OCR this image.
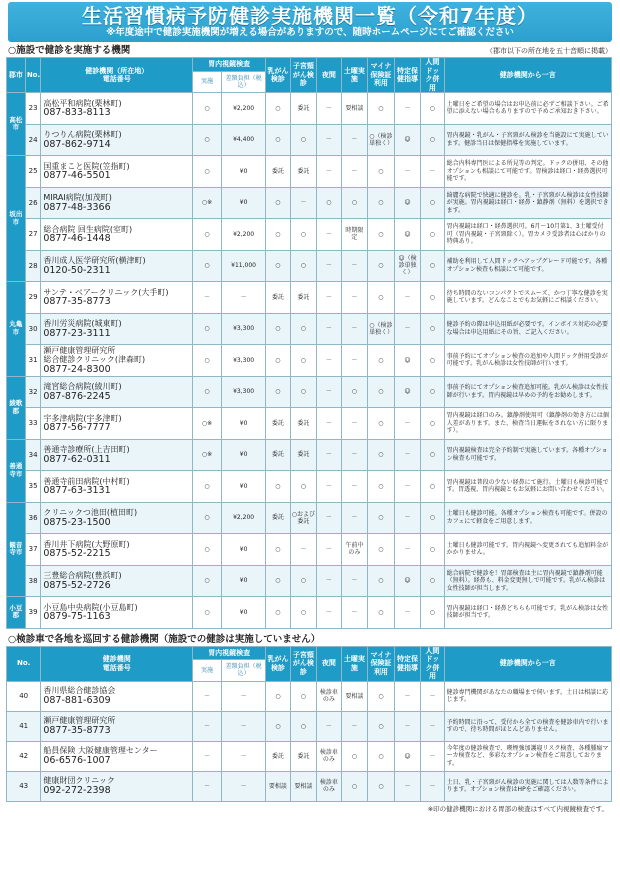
生活習慣病予防健診実施機関一覧（令和7年度）
※年度途中で健診実施機関が増える場合がありますので、随時ホームページにてご確認ください
○施設で健診を実施する機関	（郡市以下の所在地を五十音順に掲載）
郡市	No.	健診機関（所在地）
電話番号	胃内視鏡検査		乳がん検診	子宮頸がん検診	夜間	土曜実施	マイナ保険証利用	特定保健指導	人間ドック併用	健診機関から一言
			実施	差額負担（税込）								
高松市	23	高松平和病院(栗林町)
087-833-8113	○	¥2,200	○	委託	－	要相談	○	－	○	土曜日をご希望の場合はお申込前に必ずご相談下さい。ご希望に添えない場合もありますので予めご承知おき下さい。
	24	りつりん病院(栗林町)
087-862-9714	○	¥4,400	○	○	－	－	○（検診単独く）	☺	○	胃内視鏡・乳がん・子宮頸がん検診を当施設にて実施しています。健診当日は保健指導を実施しています。
坂出市	25	国重まこと医院(笠指町)
0877-46-5501	○	¥0	委託	委託	－	－	○	－	－	総合内科専門医による所見等の判定。ドックの併用、その他オプションも相談にて可能です。胃検診は経口・経鼻選択可能です。
	26	MIRAI病院(加茂町)
0877-48-3366	○※	¥0	○	－	○	○	○	☺	○	綺麗な病院で快適に健診を。乳・子宮頸がん検診は女性技師が実施。胃内視鏡は経口・経鼻・鎮静剤（無料）を選択できます。
	27	総合病院 回生病院(室町)
0877-46-1448	○	¥2,200	○	○	－	時期限定	○	☺	○	胃内視鏡は経口・経鼻選択可。6月～10月第1、3土曜受付可（胃内視鏡・子宮頸除く）。胃カメラ受診者は心ばかりの特典あり。
	28	香川成人医学研究所(横津町)
0120-50-2311	○	¥11,000	○	○	－	－	○	☺（検診単独く）	○	補助を利用して人間ドックへアップグレード可能です。各種オプション検査も相談にて可能です。
丸亀市	29	サンテ・ベアークリニック(大手町)
0877-35-8773	－	－	委託	委託	－	－	○	－	○	待ち時間のないコンパクトでスムーズ、かつ丁寧な健診を実施しています。どんなことでもお気軽にご相談ください。
	30	香川労災病院(城東町)
0877-23-3111	○	¥3,300	○	○	－	－	○（検診単独く）	－	○	健診予約の際は申込用紙が必要です。インボイス対応の必要な場合は申込用紙にその旨、ご記入ください。
	31	瀬戸健康管理研究所
総合健診クリニック(津森町)
0877-24-8300	○	¥3,300	○	○	－	－	○	☺	○	事前予約にてオプション検査の追加や人間ドック併用受診が可能です。乳がん検診は女性技師が行います。
綾歌郡	32	滝宮総合病院(綾川町)
087-876-2245	○	¥3,300	○	○	－	○	○	☺	○	事前予約にてオプション検査追加可能。乳がん検診は女性技師が行います。胃内視鏡は早めの予約をお勧めします。
	33	宇多津病院(宇多津町)
0877-56-7777	○※	¥0	委託	委託	－	－	○	－	○	胃内視鏡は経口のみ。鎮静剤使用可（鎮静剤の効き方には個人差があります。また、検査当日運転をされない方に限ります）。
善通寺市	34	善通寺診療所(上吉田町)
0877-62-0311	○※	¥0	委託	委託	－	－	○	－	○	胃内視鏡検査は完全予約制で実施しています。各種オプション検査も可能です。
	35	善通寺前田病院(中村町)
0877-63-3131	○	¥0	○	○	－	－	○	－	○	胃内視鏡は普段の少ない経鼻にて施行。土曜日も検診可能です。胃透視、胃内視鏡ともお気軽にお問い合わせください。
観音寺市	36	クリニックつ池田(植田町)
0875-23-1500	○	¥2,200	委託	○および委託	－	－	○	－	○	土曜日も健診可能。各種オプション検査も可能です。併設のカフェにて軽食をご用意します。
	37	香川井下病院(大野原町)
0875-52-2215	○	¥0	○	－	－	午前中のみ	○	－	○	土曜日も健診可能です。胃内視鏡へ変更されても追加料金がかかりません。
	38	三豊総合病院(豊浜町)
0875-52-2726	○	¥0	○	○	－	－	○	☺	○	総合病院で健診を！胃部検査は主に胃内視鏡で鎮静剤可能（無料）。経鼻も、料金変更無しで可能です。乳がん検診は女性技師が担当します。
小豆郡	39	小豆島中央病院(小豆島町)
0879-75-1163	○	¥0	○	○	－	－	○	－	○	胃内視鏡は経口・経鼻どちらも可能です。乳がん検診は女性技師が担当です。
○検診車で各地を巡回する健診機関（施設での健診は実施していません）
No.	健診機関
電話番号	胃内視鏡検査		乳がん検診	子宮頸がん検診	夜間	土曜実施	マイナ保険証利用	特定保健指導	人間ドック併用	健診機関から一言
		実施	差額負担（税込）								
40	香川県総合健診協会
087-881-6309	－	－	○	○	検診車のみ	要相談	○	－	－	健診専門機関があなたの職場まで伺います。土日は相談に応じます。
41	瀬戸健康管理研究所
0877-35-8773	－	－	○	○	－	－	○	－	－	予約時間に沿って、受付から全ての検査を健診車内で行いますので、待ち時間がほとんどありません。
42	船員保険 大阪健康管理センター
06-6576-1007	－	－	委託	委託	検診車のみ	○	○	☺	－	今年度の健診検査で、喫煙強加護寝リスク検査、各種腫瘍マーカ検査など、多彩なオプション検査をご用意しております。
43	健康財団クリニック
092-272-2398	－	－	要相談	要相談	検診車のみ	○	○	－	－	土日、乳・子宮頸がん検診の実施に関しては人数等条件によります。オプション検査はHPをご確認ください。
※印の健診機関における胃部の検査はすべて内視鏡検査です。
